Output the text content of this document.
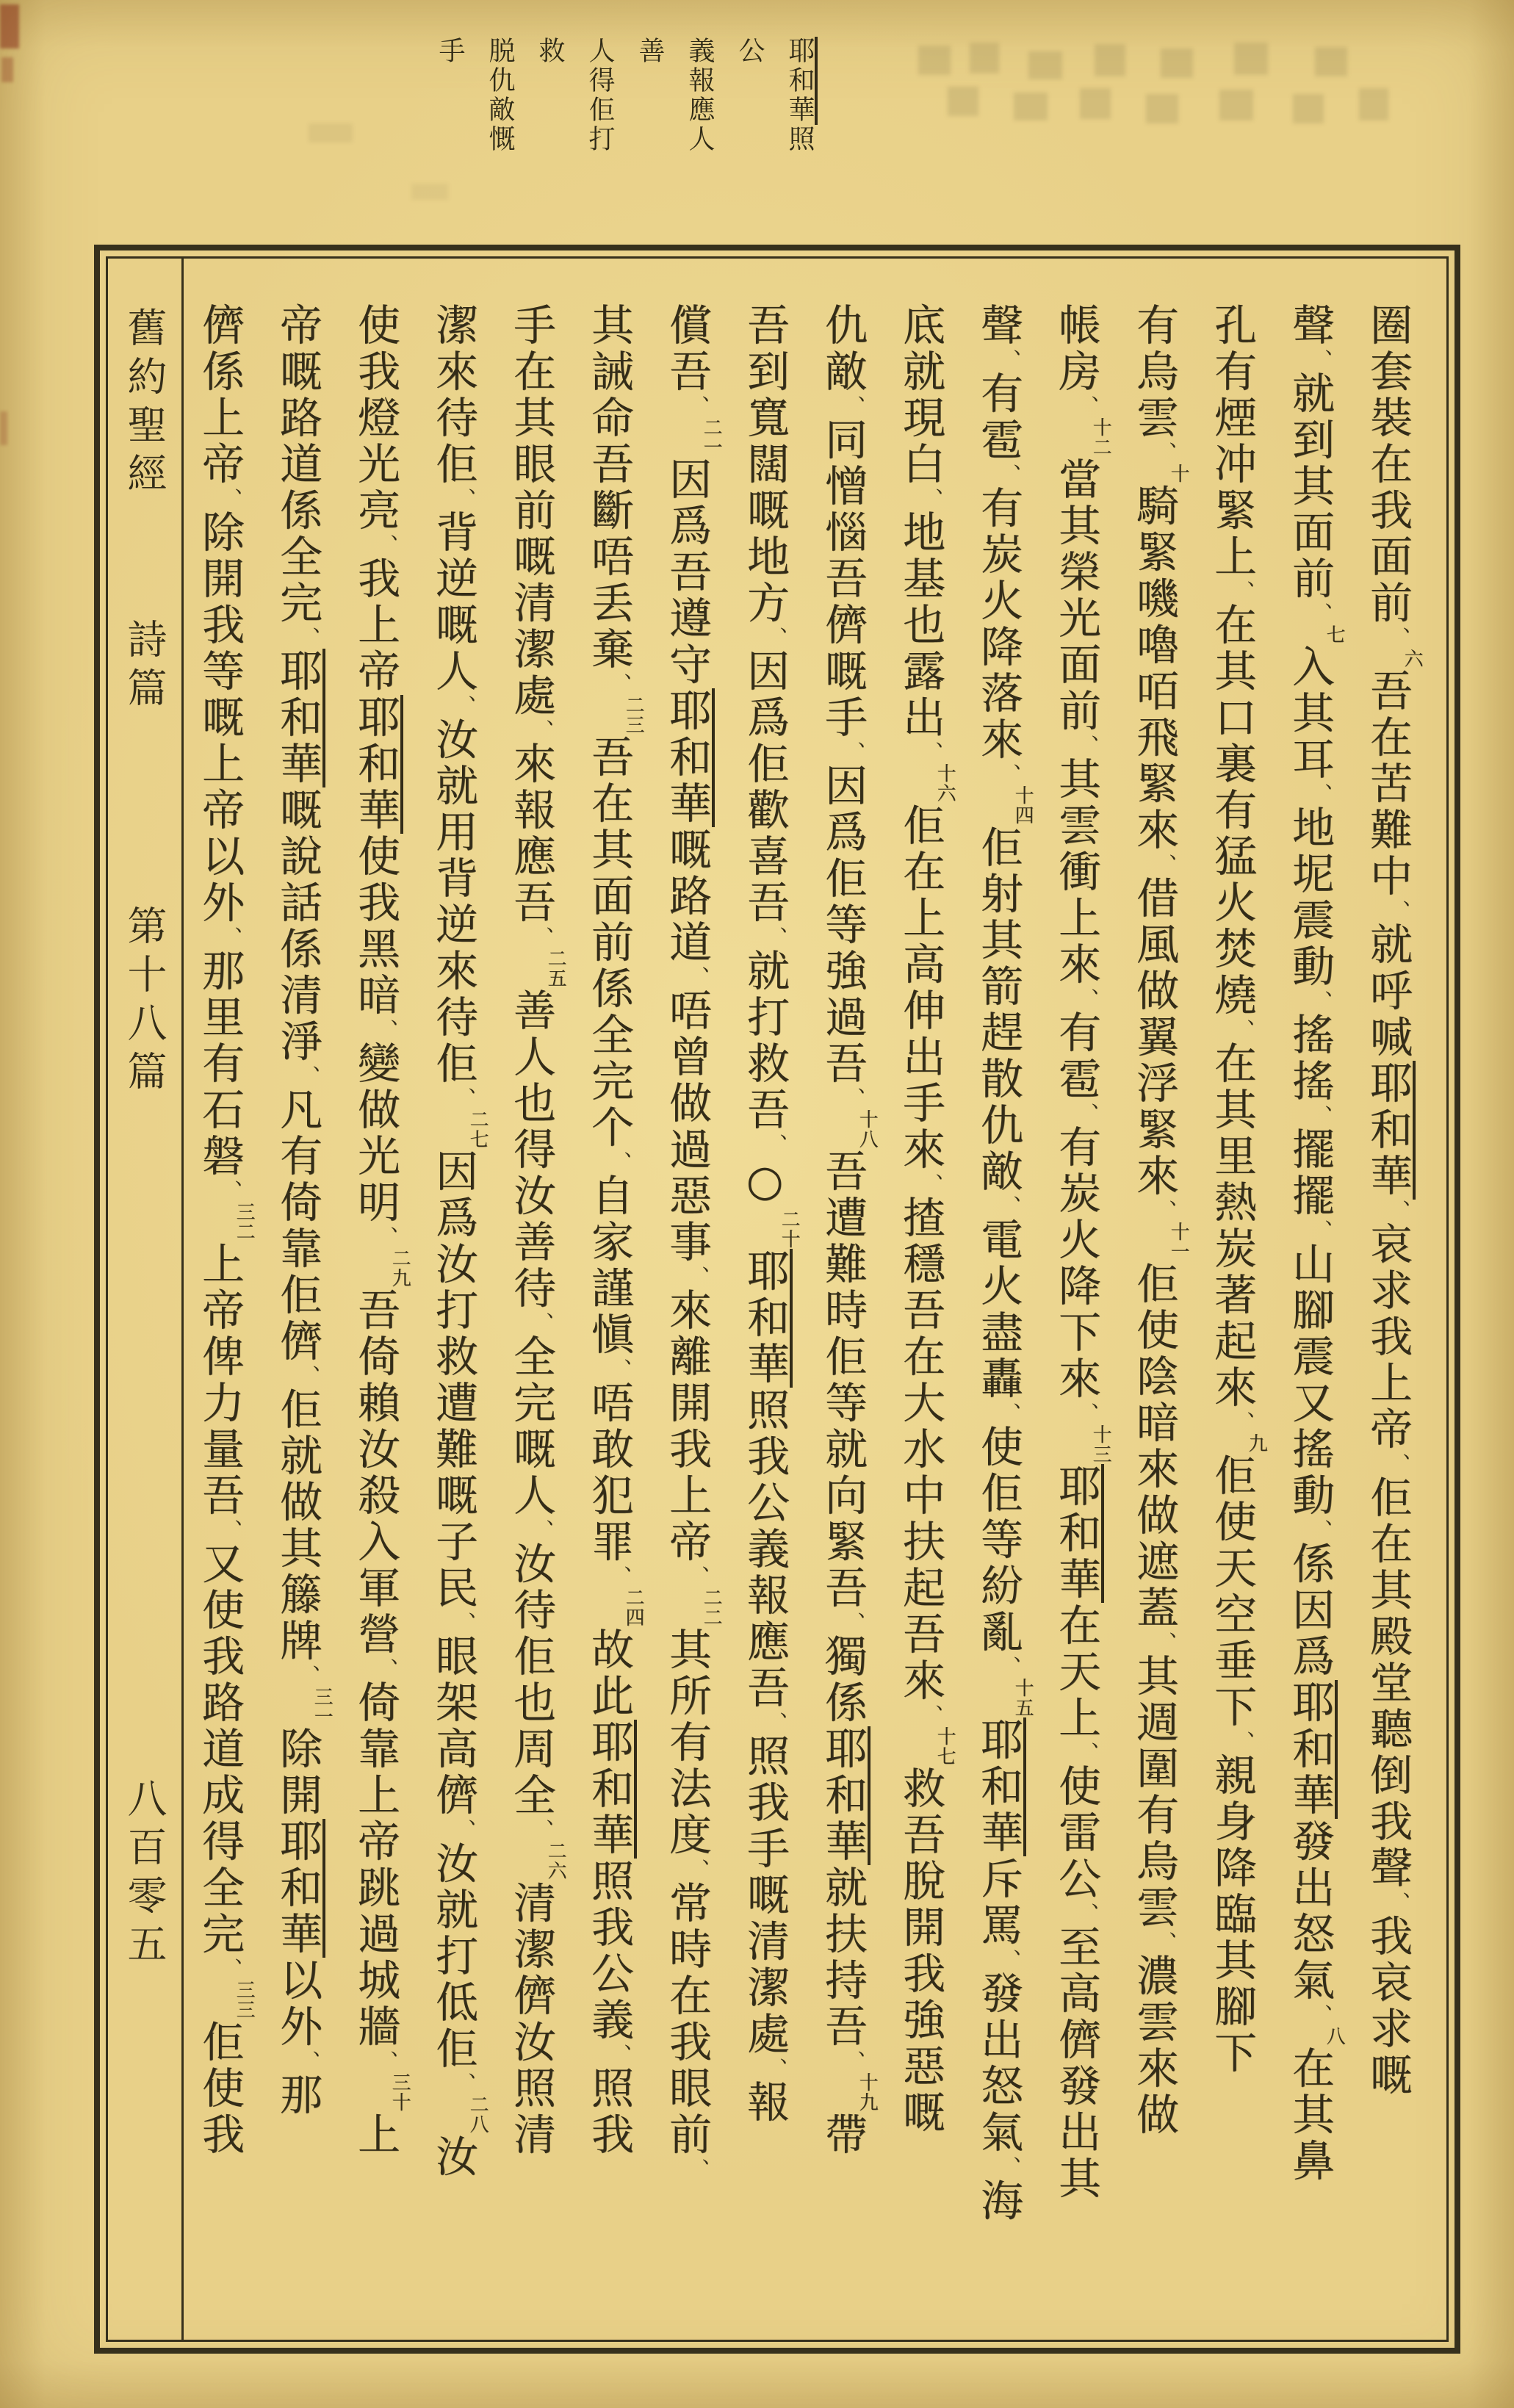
耶和華照公
義報應人善
人得佢打救
脱仇敵慨手
舊約聖經
詩篇
第十八篇
八百零五
圈套裝在我面前、六吾在苦難中、就呼喊耶和華、哀求我上帝、佢在其殿堂聽倒我聲、我哀求嘅
聲、就到其面前、七入其耳、地坭震動、搖搖、擺擺、山腳震又搖動、係因爲耶和華發出怒氣、八在其鼻
孔有煙冲緊上、在其口裏有猛火焚燒、在其里熱炭著起來、九佢使天空垂下、親身降臨其腳下
有烏雲、十騎緊嘰嚕咟飛緊來、借風做翼浮緊來、十一佢使陰暗來做遮蓋、其週圍有烏雲、濃雲來做
帳房、十二當其榮光面前、其雲衝上來、有雹、有炭火降下來、十三耶和華在天上、使雷公、至高儕發出其
聲、有雹、有炭火降落來、十四佢射其箭趕散仇敵、電火盡轟、使佢等紛亂、十五耶和華斥罵、發出怒氣、海
底就現白、地基也露出、十六佢在上高伸出手來、揸穩吾在大水中扶起吾來、十七救吾脫開我強惡嘅
仇敵、同憎惱吾儕嘅手、因爲佢等強過吾、十八吾遭難時佢等就向緊吾、獨係耶和華就扶持吾、十九帶
吾到寬闊嘅地方、因爲佢歡喜吾、就打救吾、○二十耶和華照我公義報應吾、照我手嘅清潔處、報
償吾、二一因爲吾遵守耶和華嘅路道、唔曾做過惡事、來離開我上帝、二二其所有法度、常時在我眼前、
其誡命吾斷唔丢棄、二三吾在其面前係全完个、自家謹愼、唔敢犯罪、二四故此耶和華照我公義、照我
手在其眼前嘅清潔處、來報應吾、二五善人也得汝善待、全完嘅人、汝待佢也周全、二六清潔儕汝照清
潔來待佢、背逆嘅人、汝就用背逆來待佢、二七因爲汝打救遭難嘅子民、眼架高儕、汝就打低佢、二八汝
使我燈光亮、我上帝耶和華使我黑暗、變做光明、二九吾倚賴汝殺入軍營、倚靠上帝跳過城牆、三十上
帝嘅路道係全完、耶和華嘅說話係清淨、凡有倚靠佢儕、佢就做其籐牌、三一除開耶和華以外、那
儕係上帝、除開我等嘅上帝以外、那里有石磐、三二上帝俾力量吾、又使我路道成得全完、三三佢使我
